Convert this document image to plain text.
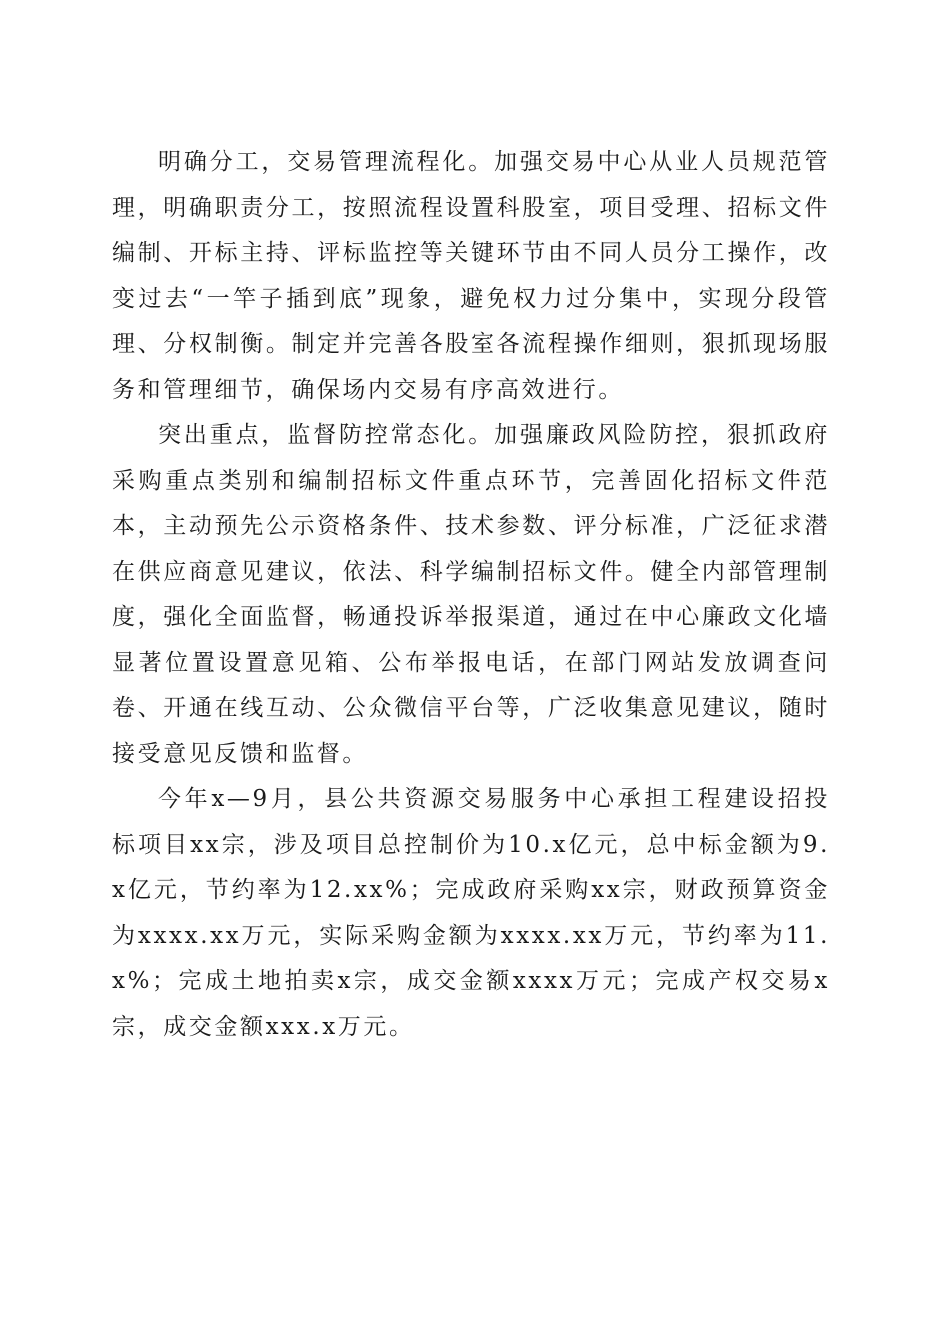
明确分工，交易管理流程化。加强交易中心从业人员规范管理，明确职责分工，按照流程设置科股室，项目受理、招标文件编制、开标主持、评标监控等关键环节由不同人员分工操作，改变过去“一竿子插到底”现象，避免权力过分集中，实现分段管理、分权制衡。制定并完善各股室各流程操作细则，狠抓现场服务和管理细节，确保场内交易有序高效进行。

突出重点，监督防控常态化。加强廉政风险防控，狠抓政府采购重点类别和编制招标文件重点环节，完善固化招标文件范本，主动预先公示资格条件、技术参数、评分标准，广泛征求潜在供应商意见建议，依法、科学编制招标文件。健全内部管理制度，强化全面监督，畅通投诉举报渠道，通过在中心廉政文化墙显著位置设置意见箱、公布举报电话，在部门网站发放调查问卷、开通在线互动、公众微信平台等，广泛收集意见建议，随时接受意见反馈和监督。

今年x—9月，县公共资源交易服务中心承担工程建设招投标项目xx宗，涉及项目总控制价为10.x亿元，总中标金额为9.x亿元，节约率为12.xx%；完成政府采购xx宗，财政预算资金为xxxx.xx万元，实际采购金额为xxxx.xx万元，节约率为11.x%；完成土地拍卖x宗，成交金额xxxx万元；完成产权交易x宗，成交金额xxx.x万元。
